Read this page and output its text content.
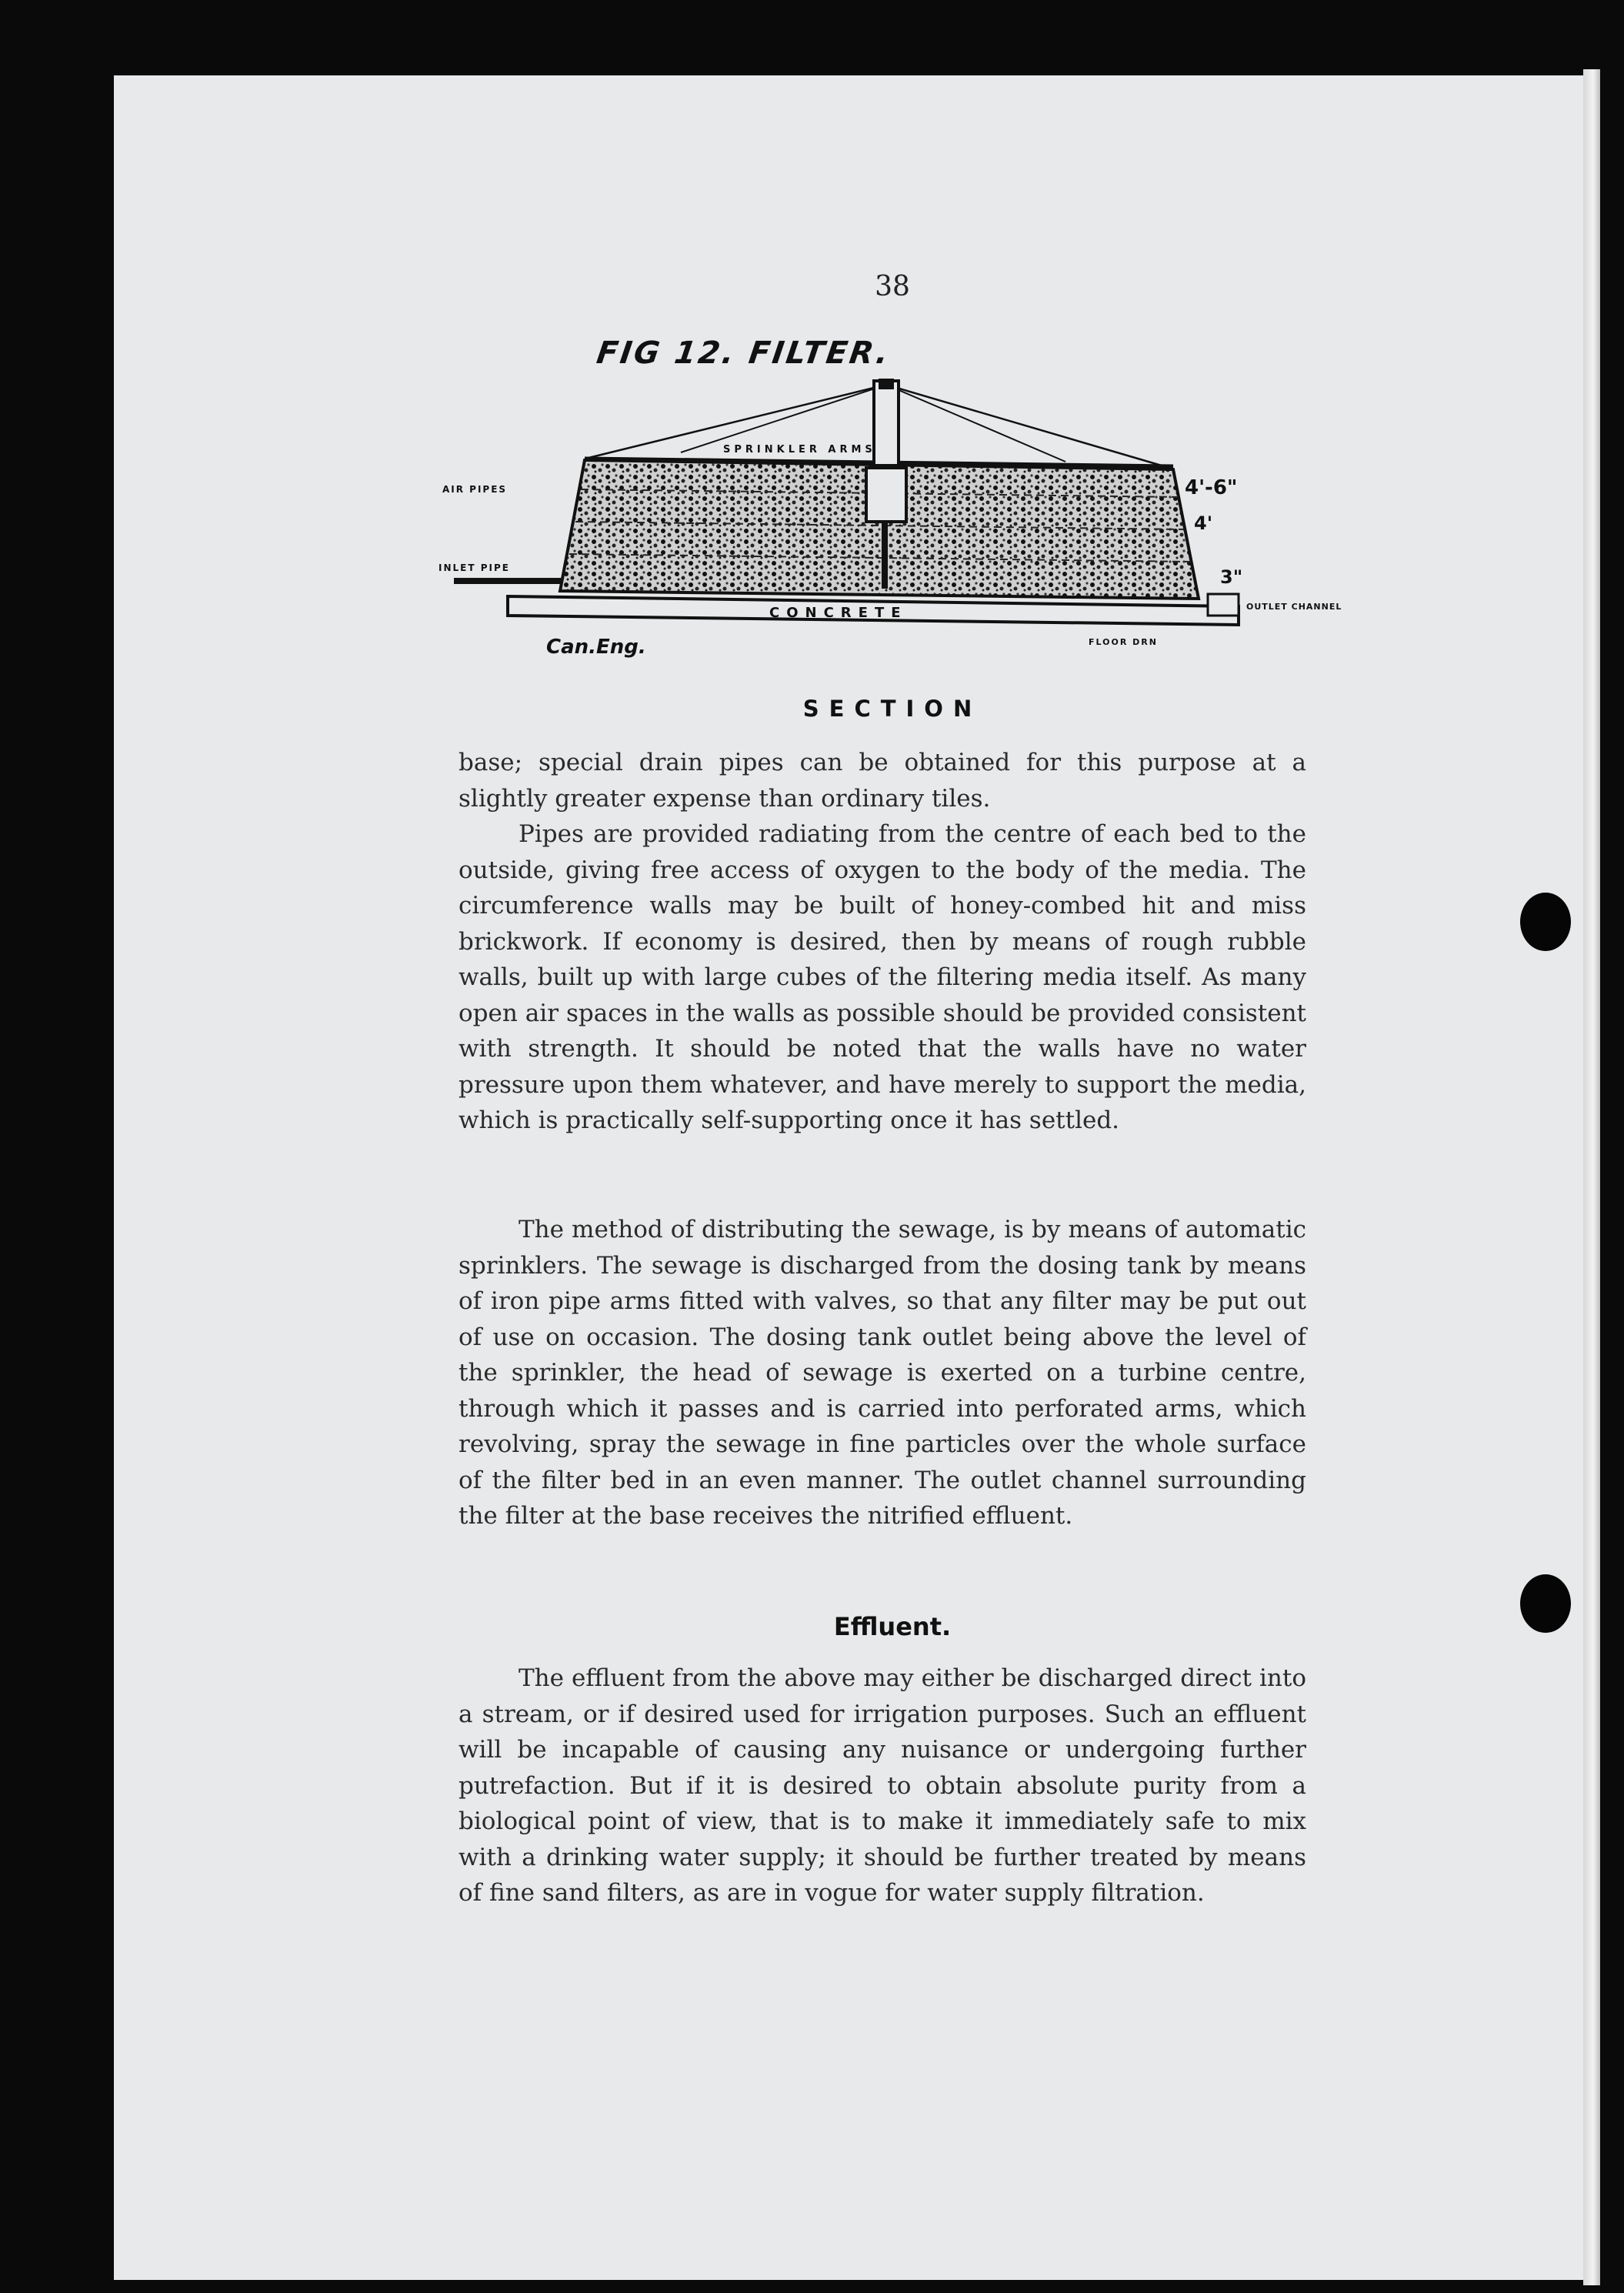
38
FIG 12. FILTER.
SPRINKLER ARMS
AIR PIPES
INLET PIPE
CONCRETE
4'-6"
4'
3"
OUTLET CHANNEL
FLOOR DRN
Can.Eng.
SECTION

base; special drain pipes can be obtained for this purpose at a slightly greater expense than ordinary tiles.

Pipes are provided radiating from the centre of each bed to the outside, giving free access of oxygen to the body of the media. The circumference walls may be built of honey-combed hit and miss brickwork. If economy is desired, then by means of rough rubble walls, built up with large cubes of the filtering media itself. As many open air spaces in the walls as possible should be provided consistent with strength. It should be noted that the walls have no water pressure upon them whatever, and have merely to support the media, which is practically self-supporting once it has settled.

The method of distributing the sewage, is by means of automatic sprinklers. The sewage is discharged from the dosing tank by means of iron pipe arms fitted with valves, so that any filter may be put out of use on occasion. The dosing tank outlet being above the level of the sprinkler, the head of sewage is exerted on a turbine centre, through which it passes and is carried into perforated arms, which revolving, spray the sewage in fine particles over the whole surface of the filter bed in an even manner. The outlet channel surrounding the filter at the base receives the nitrified effluent.

Effluent.

The effluent from the above may either be discharged direct into a stream, or if desired used for irrigation purposes. Such an effluent will be incapable of causing any nuisance or undergoing further putrefaction. But if it is desired to obtain absolute purity from a biological point of view, that is to make it immediately safe to mix with a drinking water supply; it should be further treated by means of fine sand filters, as are in vogue for water supply filtration.
